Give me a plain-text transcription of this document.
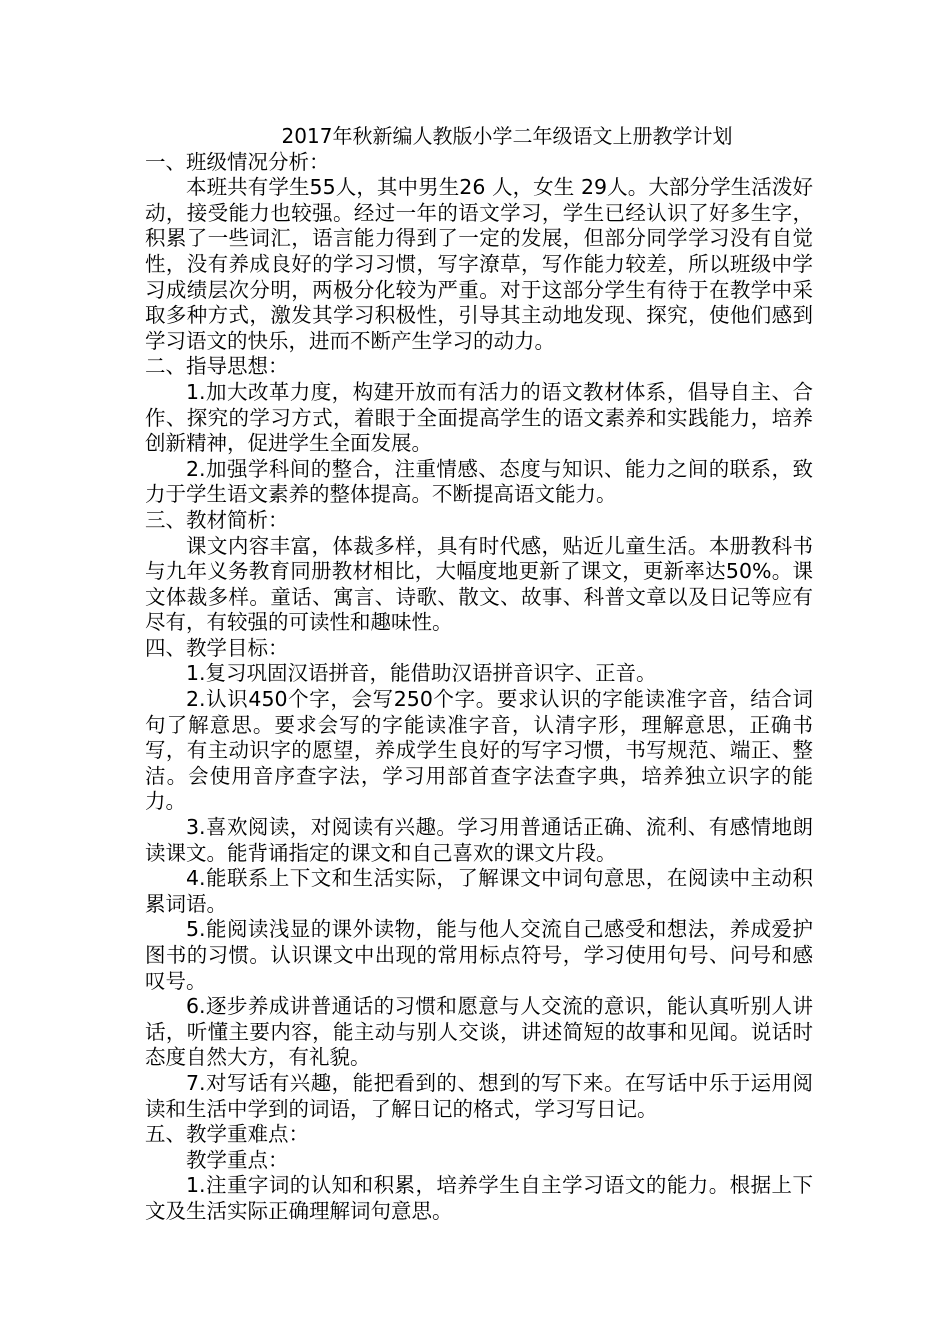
2017年秋新编人教版小学二年级语文上册教学计划

一、班级情况分析：

本班共有学生55人，其中男生26 人，女生 29人。大部分学生活泼好动，接受能力也较强。经过一年的语文学习，学生已经认识了好多生字，积累了一些词汇，语言能力得到了一定的发展，但部分同学学习没有自觉性，没有养成良好的学习习惯，写字潦草，写作能力较差，所以班级中学习成绩层次分明，两极分化较为严重。对于这部分学生有待于在教学中采取多种方式，激发其学习积极性，引导其主动地发现、探究，使他们感到学习语文的快乐，进而不断产生学习的动力。

二、指导思想：

1.加大改革力度，构建开放而有活力的语文教材体系，倡导自主、合作、探究的学习方式，着眼于全面提高学生的语文素养和实践能力，培养创新精神，促进学生全面发展。

2.加强学科间的整合，注重情感、态度与知识、能力之间的联系，致力于学生语文素养的整体提高。不断提高语文能力。

三、教材简析：

课文内容丰富，体裁多样，具有时代感，贴近儿童生活。本册教科书与九年义务教育同册教材相比，大幅度地更新了课文，更新率达50%。课文体裁多样。童话、寓言、诗歌、散文、故事、科普文章以及日记等应有尽有，有较强的可读性和趣味性。

四、教学目标：

1.复习巩固汉语拼音，能借助汉语拼音识字、正音。

2.认识450个字，会写250个字。要求认识的字能读准字音，结合词句了解意思。要求会写的字能读准字音，认清字形，理解意思，正确书写，有主动识字的愿望，养成学生良好的写字习惯，书写规范、端正、整洁。会使用音序查字法，学习用部首查字法查字典，培养独立识字的能力。

3.喜欢阅读，对阅读有兴趣。学习用普通话正确、流利、有感情地朗读课文。能背诵指定的课文和自己喜欢的课文片段。

4.能联系上下文和生活实际，了解课文中词句意思，在阅读中主动积累词语。

5.能阅读浅显的课外读物，能与他人交流自己感受和想法，养成爱护图书的习惯。认识课文中出现的常用标点符号，学习使用句号、问号和感叹号。

6.逐步养成讲普通话的习惯和愿意与人交流的意识，能认真听别人讲话，听懂主要内容，能主动与别人交谈，讲述简短的故事和见闻。说话时态度自然大方，有礼貌。

7.对写话有兴趣，能把看到的、想到的写下来。在写话中乐于运用阅读和生活中学到的词语，了解日记的格式，学习写日记。

五、教学重难点：

教学重点：

1.注重字词的认知和积累，培养学生自主学习语文的能力。根据上下文及生活实际正确理解词句意思。
